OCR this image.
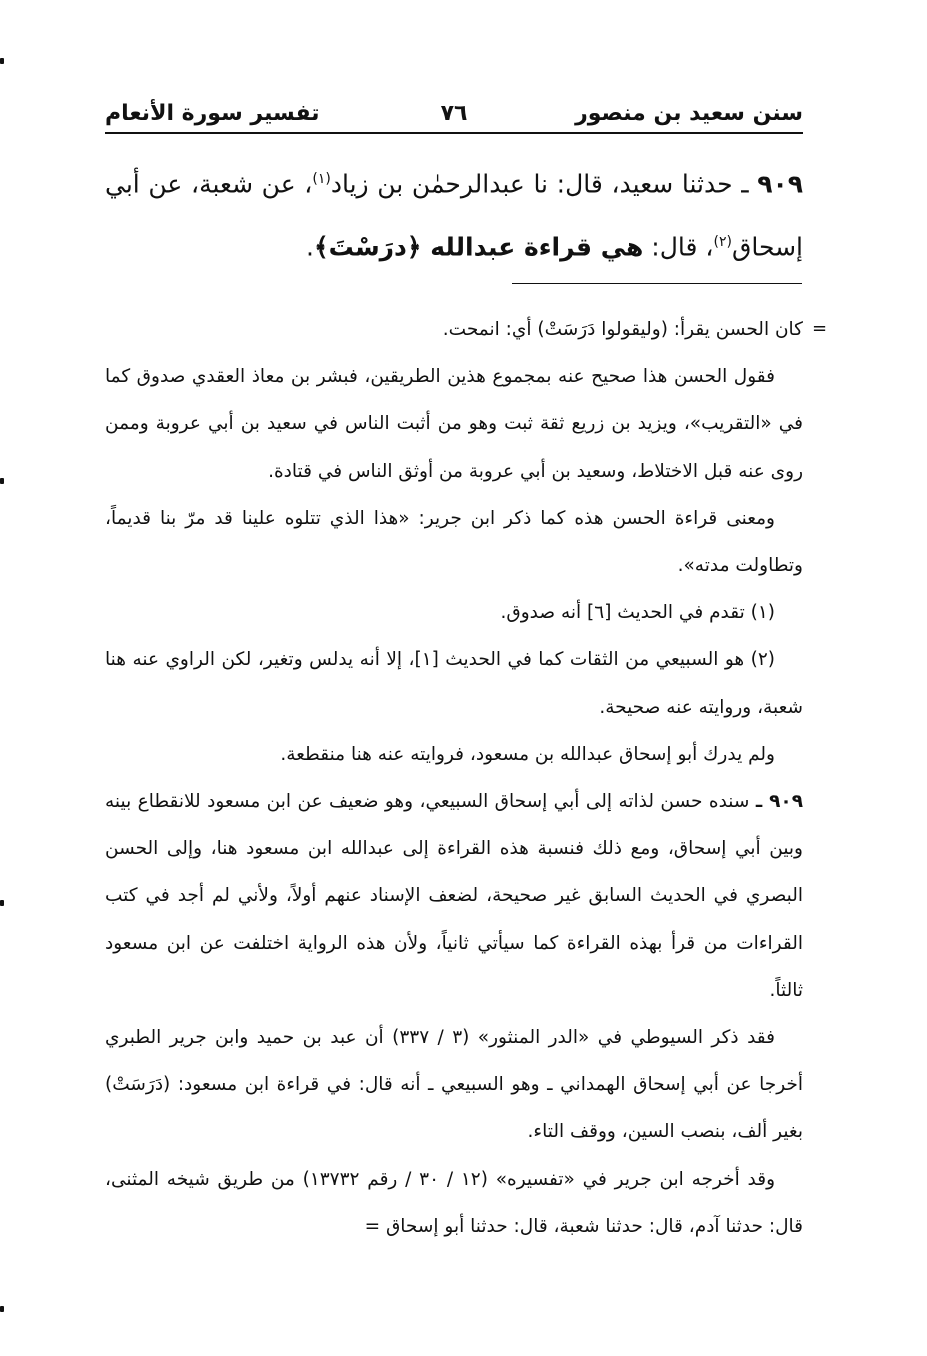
سنن سعيد بن منصور
٧٦
تفسير سورة الأنعام
٩٠٩ ـ حدثنا سعيد، قال: نا عبدالرحمٰن بن زياد$^{(١)}$، عن شعبة، عن أبي إسحاق$^{(٢)}$، قال: هي قراءة عبدالله ﴿درَسْتَ﴾.
=

كان الحسن يقرأ: (وليقولوا دَرَسَتْ) أي: انمحت.

فقول الحسن هذا صحيح عنه بمجموع هذين الطريقين، فبشر بن معاذ العقدي صدوق كما في «التقريب»، ويزيد بن زريع ثقة ثبت وهو من أثبت الناس في سعيد بن أبي عروبة وممن روى عنه قبل الاختلاط، وسعيد بن أبي عروبة من أوثق الناس في قتادة.

ومعنى قراءة الحسن هذه كما ذكر ابن جرير: «هذا الذي تتلوه علينا قد مرّ بنا قديماً، وتطاولت مدته».

(١) تقدم في الحديث [٦] أنه صدوق.

(٢) هو السبيعي من الثقات كما في الحديث [١]، إلا أنه يدلس وتغير، لكن الراوي عنه هنا شعبة، وروايته عنه صحيحة.

ولم يدرك أبو إسحاق عبدالله بن مسعود، فروايته عنه هنا منقطعة.

٩٠٩ ـ سنده حسن لذاته إلى أبي إسحاق السبيعي، وهو ضعيف عن ابن مسعود للانقطاع بينه وبين أبي إسحاق، ومع ذلك فنسبة هذه القراءة إلى عبدالله ابن مسعود هنا، وإلى الحسن البصري في الحديث السابق غير صحيحة، لضعف الإسناد عنهم أولاً، ولأني لم أجد في كتب القراءات من قرأ بهذه القراءة كما سيأتي ثانياً، ولأن هذه الرواية اختلفت عن ابن مسعود ثالثاً.

فقد ذكر السيوطي في «الدر المنثور» (٣ / ٣٣٧) أن عبد بن حميد وابن جرير الطبري أخرجا عن أبي إسحاق الهمداني ـ وهو السبيعي ـ أنه قال: في قراءة ابن مسعود: (دَرَسَتْ) بغير ألف، بنصب السين، ووقف التاء.

وقد أخرجه ابن جرير في «تفسيره» (١٢ / ٣٠ / رقم ١٣٧٣٢) من طريق شيخه المثنى، قال: حدثنا آدم، قال: حدثنا شعبة، قال: حدثنا أبو إسحاق =
